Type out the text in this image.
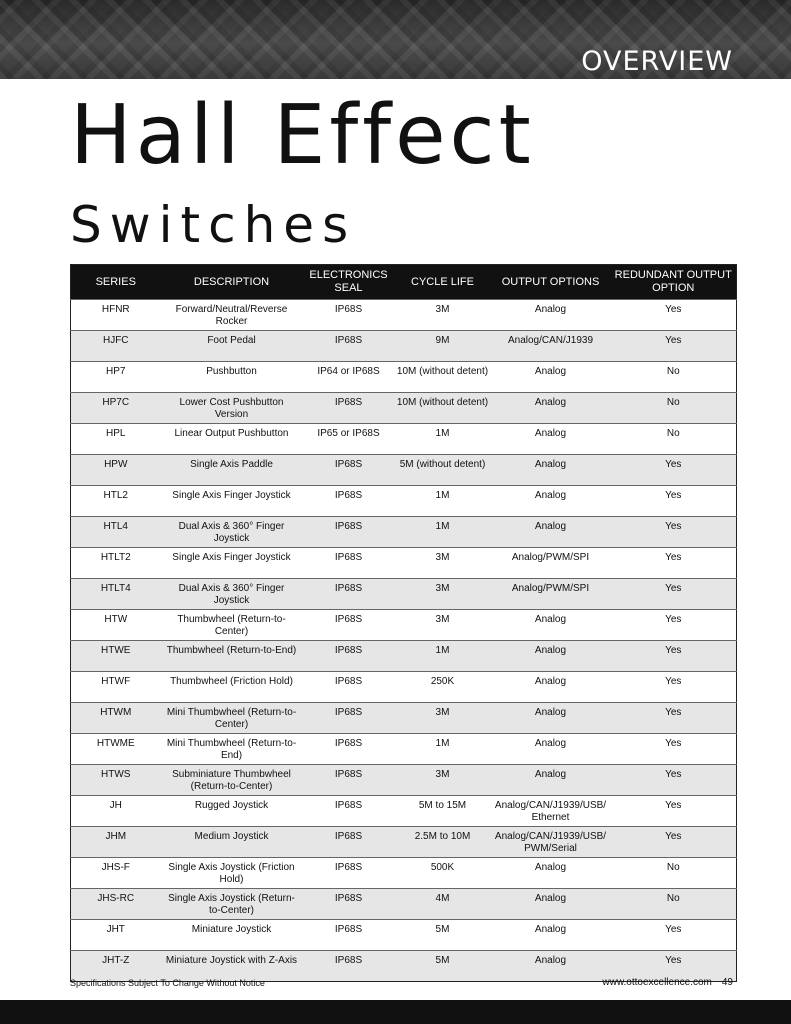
OVERVIEW
Hall Effect
Switches
SERIES	DESCRIPTION	ELECTRONICS SEAL	CYCLE LIFE	OUTPUT OPTIONS	REDUNDANT OUTPUT OPTION
HFNR	Forward/Neutral/Reverse Rocker	IP68S	3M	Analog	Yes
HJFC	Foot Pedal	IP68S	9M	Analog/CAN/J1939	Yes
HP7	Pushbutton	IP64 or IP68S	10M (without detent)	Analog	No
HP7C	Lower Cost Pushbutton Version	IP68S	10M (without detent)	Analog	No
HPL	Linear Output Pushbutton	IP65 or IP68S	1M	Analog	No
HPW	Single Axis Paddle	IP68S	5M (without detent)	Analog	Yes
HTL2	Single Axis Finger Joystick	IP68S	1M	Analog	Yes
HTL4	Dual Axis & 360° Finger Joystick	IP68S	1M	Analog	Yes
HTLT2	Single Axis Finger Joystick	IP68S	3M	Analog/PWM/SPI	Yes
HTLT4	Dual Axis & 360° Finger Joystick	IP68S	3M	Analog/PWM/SPI	Yes
HTW	Thumbwheel (Return-to-Center)	IP68S	3M	Analog	Yes
HTWE	Thumbwheel (Return-to-End)	IP68S	1M	Analog	Yes
HTWF	Thumbwheel (Friction Hold)	IP68S	250K	Analog	Yes
HTWM	Mini Thumbwheel (Return-to-Center)	IP68S	3M	Analog	Yes
HTWME	Mini Thumbwheel (Return-to-End)	IP68S	1M	Analog	Yes
HTWS	Subminiature Thumbwheel (Return-to-Center)	IP68S	3M	Analog	Yes
JH	Rugged Joystick	IP68S	5M to 15M	Analog/CAN/J1939/USB/ Ethernet	Yes
JHM	Medium Joystick	IP68S	2.5M to 10M	Analog/CAN/J1939/USB/ PWM/Serial	Yes
JHS-F	Single Axis Joystick (Friction Hold)	IP68S	500K	Analog	No
JHS-RC	Single Axis Joystick (Return-to-Center)	IP68S	4M	Analog	No
JHT	Miniature Joystick	IP68S	5M	Analog	Yes
JHT-Z	Miniature Joystick with Z-Axis	IP68S	5M	Analog	Yes
Specifications Subject To Change Without Notice	www.ottoexcellence.com 49
